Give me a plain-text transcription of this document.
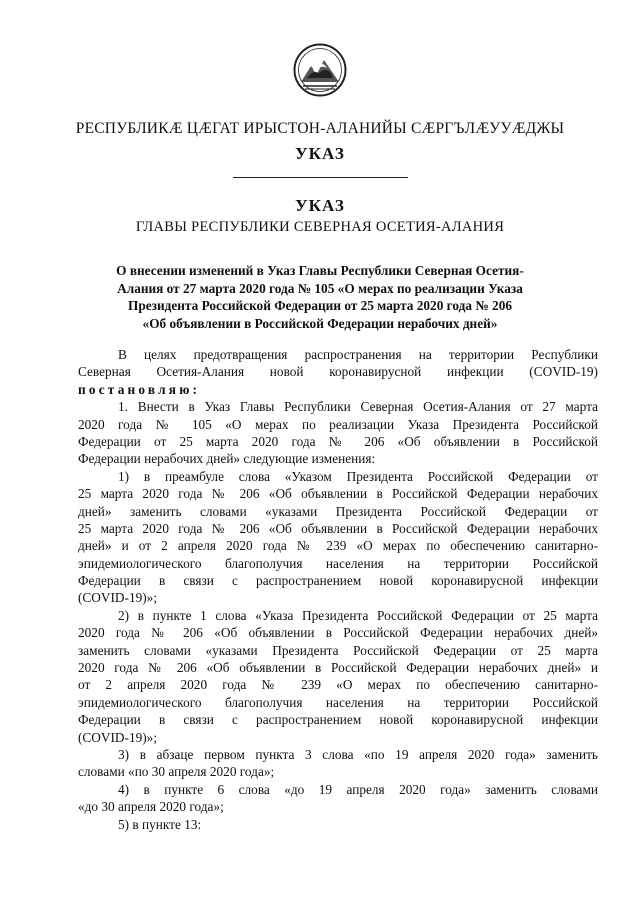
РЕСПУБЛИКӔ ЦӔГАТ ИРЫСТОН-АЛАНИЙЫ СӔРГЪЛӔУУӔДЖЫ
УКАЗ
УКАЗ
ГЛАВЫ РЕСПУБЛИКИ СЕВЕРНАЯ ОСЕТИЯ-АЛАНИЯ
О внесении изменений в Указ Главы Республики Северная Осетия-
Алания от 27 марта 2020 года № 105 «О мерах по реализации Указа
Президента Российской Федерации от 25 марта 2020 года № 206
«Об объявлении в Российской Федерации нерабочих дней»
В целях предотвращения распространения на территории Республики
Северная Осетия-Алания новой коронавирусной инфекции (COVID-19)
постановляю:
1. Внести в Указ Главы Республики Северная Осетия-Алания от 27 марта
2020 года № 105 «О мерах по реализации Указа Президента Российской
Федерации от 25 марта 2020 года № 206 «Об объявлении в Российской
Федерации нерабочих дней» следующие изменения:
1) в преамбуле слова «Указом Президента Российской Федерации от
25 марта 2020 года № 206 «Об объявлении в Российской Федерации нерабочих
дней» заменить словами «указами Президента Российской Федерации от
25 марта 2020 года № 206 «Об объявлении в Российской Федерации нерабочих
дней» и от 2 апреля 2020 года № 239 «О мерах по обеспечению санитарно-
эпидемиологического благополучия населения на территории Российской
Федерации в связи с распространением новой коронавирусной инфекции
(COVID-19)»;
2) в пункте 1 слова «Указа Президента Российской Федерации от 25 марта
2020 года № 206 «Об объявлении в Российской Федерации нерабочих дней»
заменить словами «указами Президента Российской Федерации от 25 марта
2020 года № 206 «Об объявлении в Российской Федерации нерабочих дней» и
от 2 апреля 2020 года № 239 «О мерах по обеспечению санитарно-
эпидемиологического благополучия населения на территории Российской
Федерации в связи с распространением новой коронавирусной инфекции
(COVID-19)»;
3) в абзаце первом пункта 3 слова «по 19 апреля 2020 года» заменить
словами «по 30 апреля 2020 года»;
4) в пункте 6 слова «до 19 апреля 2020 года» заменить словами
«до 30 апреля 2020 года»;
5) в пункте 13:
